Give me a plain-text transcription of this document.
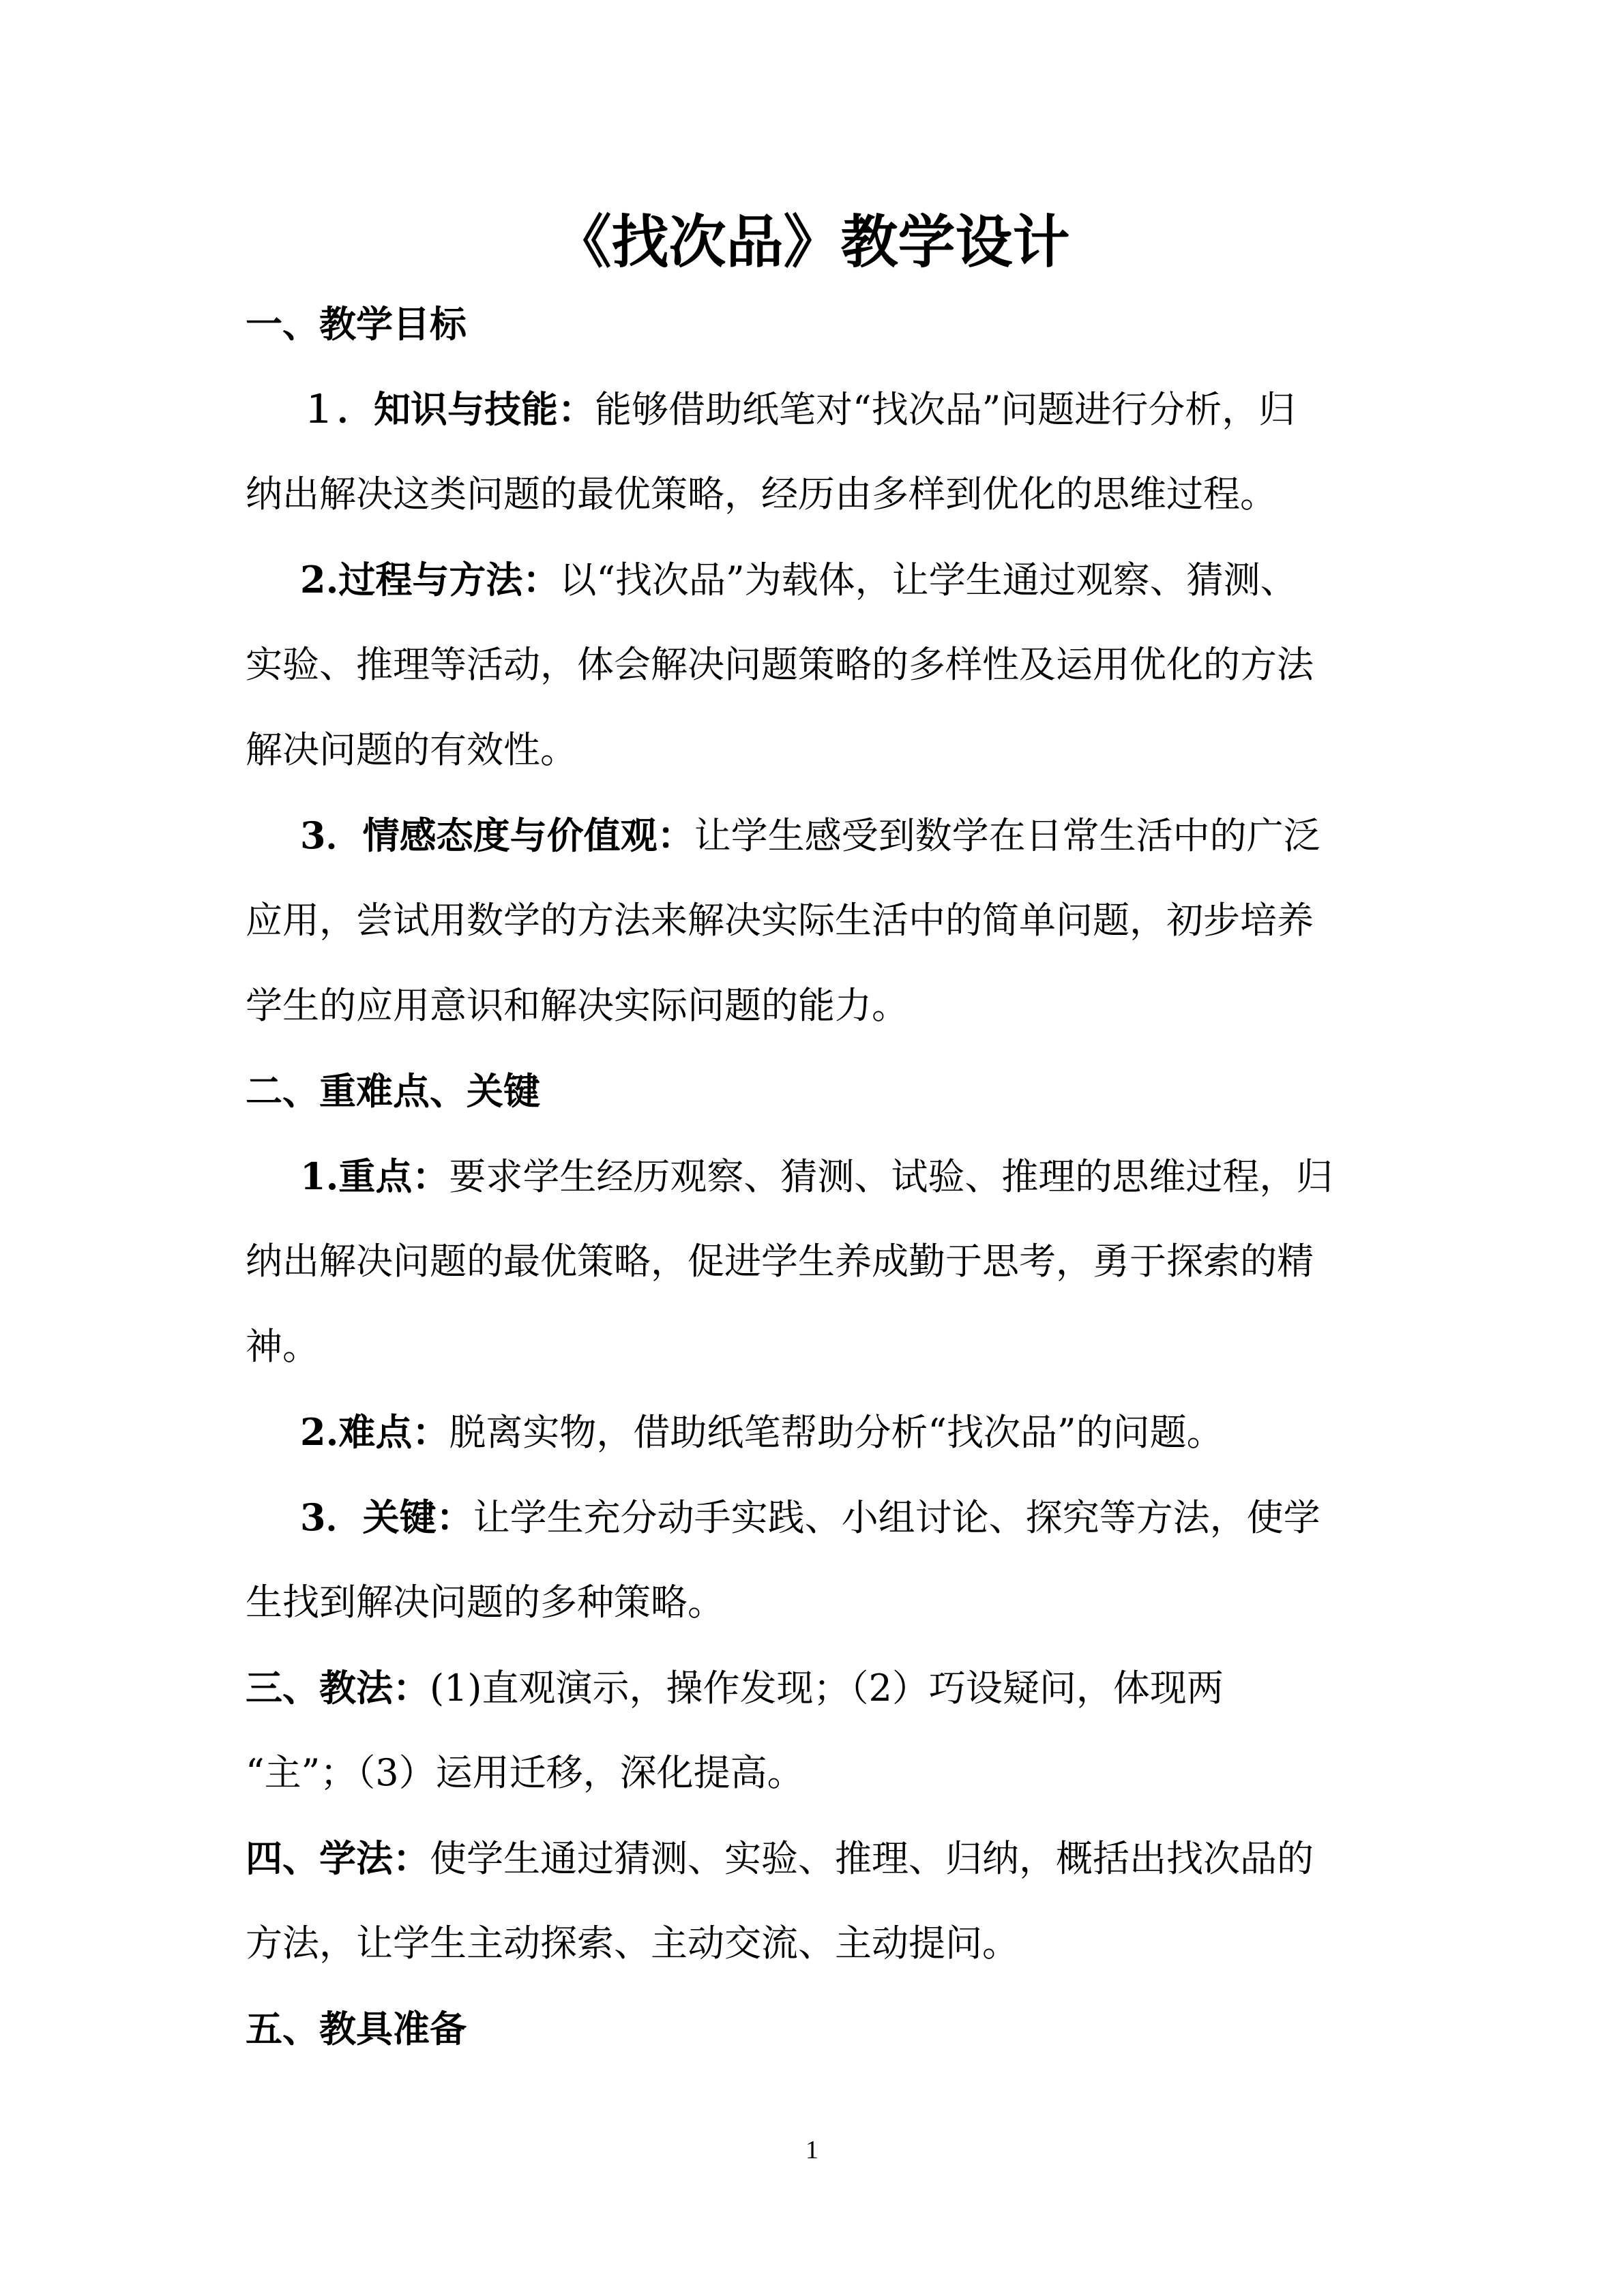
《找次品》教学设计
一、教学目标
１．知识与技能：能够借助纸笔对“找次品”问题进行分析，归
纳出解决这类问题的最优策略，经历由多样到优化的思维过程。
2.过程与方法：以“找次品”为载体，让学生通过观察、猜测、
实验、推理等活动，体会解决问题策略的多样性及运用优化的方法
解决问题的有效性。
3．情感态度与价值观：让学生感受到数学在日常生活中的广泛
应用，尝试用数学的方法来解决实际生活中的简单问题，初步培养
学生的应用意识和解决实际问题的能力。
二、重难点、关键
1.重点：要求学生经历观察、猜测、试验、推理的思维过程，归
纳出解决问题的最优策略，促进学生养成勤于思考，勇于探索的精
神。
2.难点：脱离实物，借助纸笔帮助分析“找次品”的问题。
3．关键：让学生充分动手实践、小组讨论、探究等方法，使学
生找到解决问题的多种策略。
三、教法：(1)直观演示，操作发现；（2）巧设疑问，体现两
“主”；（3）运用迁移，深化提高。
四、学法：使学生通过猜测、实验、推理、归纳，概括出找次品的
方法，让学生主动探索、主动交流、主动提问。
五、教具准备
1
